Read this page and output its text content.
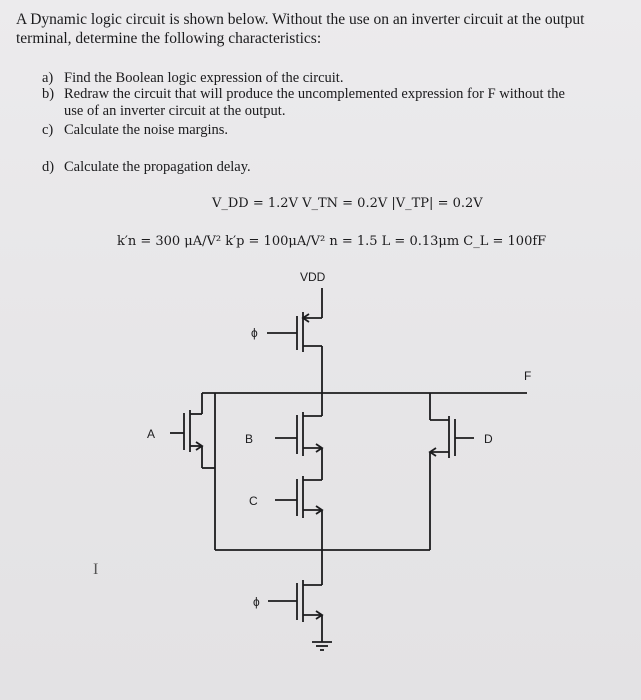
A Dynamic logic circuit is shown below. Without the use on an inverter circuit at the output terminal, determine the following characteristics:
a) Find the Boolean logic expression of the circuit.
b) Redraw the circuit that will produce the uncomplemented expression for F without the
use of an inverter circuit at the output.
c) Calculate the noise margins.
d) Calculate the propagation delay.
V_DD = 1.2V V_TN = 0.2V |V_TP| = 0.2V
k′n = 300 μA/V² k′p = 100μA/V² n = 1.5 L = 0.13μm C_L = 100fF
VDD
ϕ
F
A	B
C
D
ϕ
I
